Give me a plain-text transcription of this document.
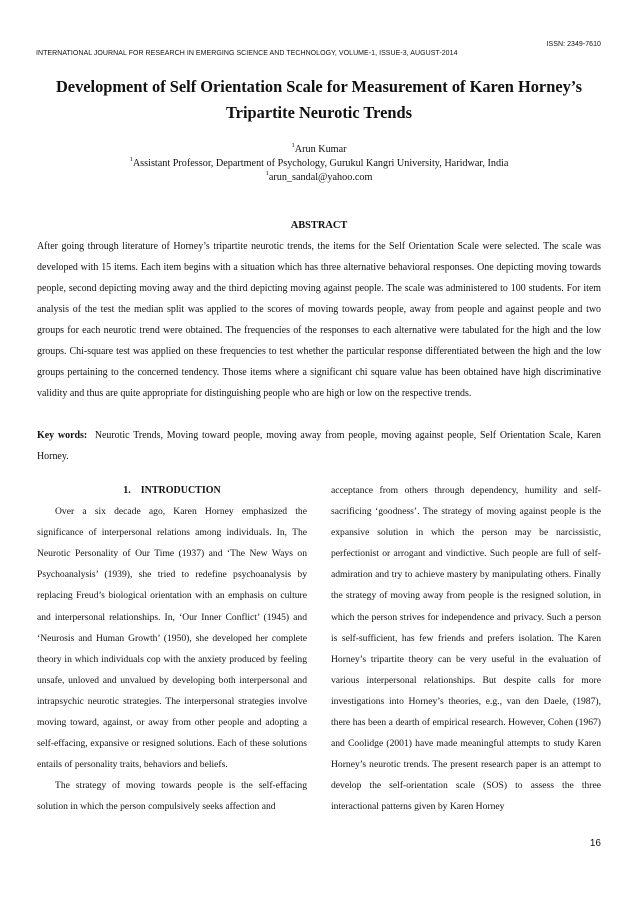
ISSN: 2349-7610
INTERNATIONAL JOURNAL FOR RESEARCH IN EMERGING SCIENCE AND TECHNOLOGY, VOLUME-1, ISSUE-3, AUGUST-2014
Development of Self Orientation Scale for Measurement of Karen Horney’s Tripartite Neurotic Trends
$^1$Arun Kumar
$^1$Assistant Professor, Department of Psychology, Gurukul Kangri University, Haridwar, India
$^1$arun_sandal@yahoo.com
ABSTRACT

After going through literature of Horney’s tripartite neurotic trends, the items for the Self Orientation Scale were selected. The scale was developed with 15 items. Each item begins with a situation which has three alternative behavioral responses. One depicting moving towards people, second depicting moving away and the third depicting moving against people. The scale was administered to 100 students. For item analysis of the test the median split was applied to the scores of moving towards people, away from people and against people and two groups for each neurotic trend were obtained. The frequencies of the responses to each alternative were tabulated for the high and the low groups. Chi-square test was applied on these frequencies to test whether the particular response differentiated between the high and the low groups pertaining to the concerned tendency. Those items where a significant chi square value has been obtained have high discriminative validity and thus are quite appropriate for distinguishing people who are high or low on the respective trends.

Key words: Neurotic Trends, Moving toward people, moving away from people, moving against people, Self Orientation Scale, Karen Horney.

1. INTRODUCTION

Over a six decade ago, Karen Horney emphasized the significance of interpersonal relations among individuals. In, The Neurotic Personality of Our Time (1937) and ‘The New Ways on Psychoanalysis’ (1939), she tried to redefine psychoanalysis by replacing Freud’s biological orientation with an emphasis on culture and interpersonal relationships. In, ‘Our Inner Conflict’ (1945) and ‘Neurosis and Human Growth’ (1950), she developed her complete theory in which individuals cop with the anxiety produced by feeling unsafe, unloved and unvalued by developing both interpersonal and intrapsychic neurotic strategies. The interpersonal strategies involve moving toward, against, or away from other people and adopting a self-effacing, expansive or resigned solutions. Each of these solutions entails of personality traits, behaviors and beliefs.

The strategy of moving towards people is the self-effacing solution in which the person compulsively seeks affection and

acceptance from others through dependency, humility and self-sacrificing ‘goodness’. The strategy of moving against people is the expansive solution in which the person may be narcissistic, perfectionist or arrogant and vindictive. Such people are full of self-admiration and try to achieve mastery by manipulating others. Finally the strategy of moving away from people is the resigned solution, in which the person strives for independence and privacy. Such a person is self-sufficient, has few friends and prefers isolation. The Karen Horney’s tripartite theory can be very useful in the evaluation of various interpersonal relationships. But despite calls for more investigations into Horney’s theories, e.g., van den Daele, (1987), there has been a dearth of empirical research. However, Cohen (1967) and Coolidge (2001) have made meaningful attempts to study Karen Horney’s neurotic trends. The present research paper is an attempt to develop the self-orientation scale (SOS) to assess the three interactional patterns given by Karen Horney

16
